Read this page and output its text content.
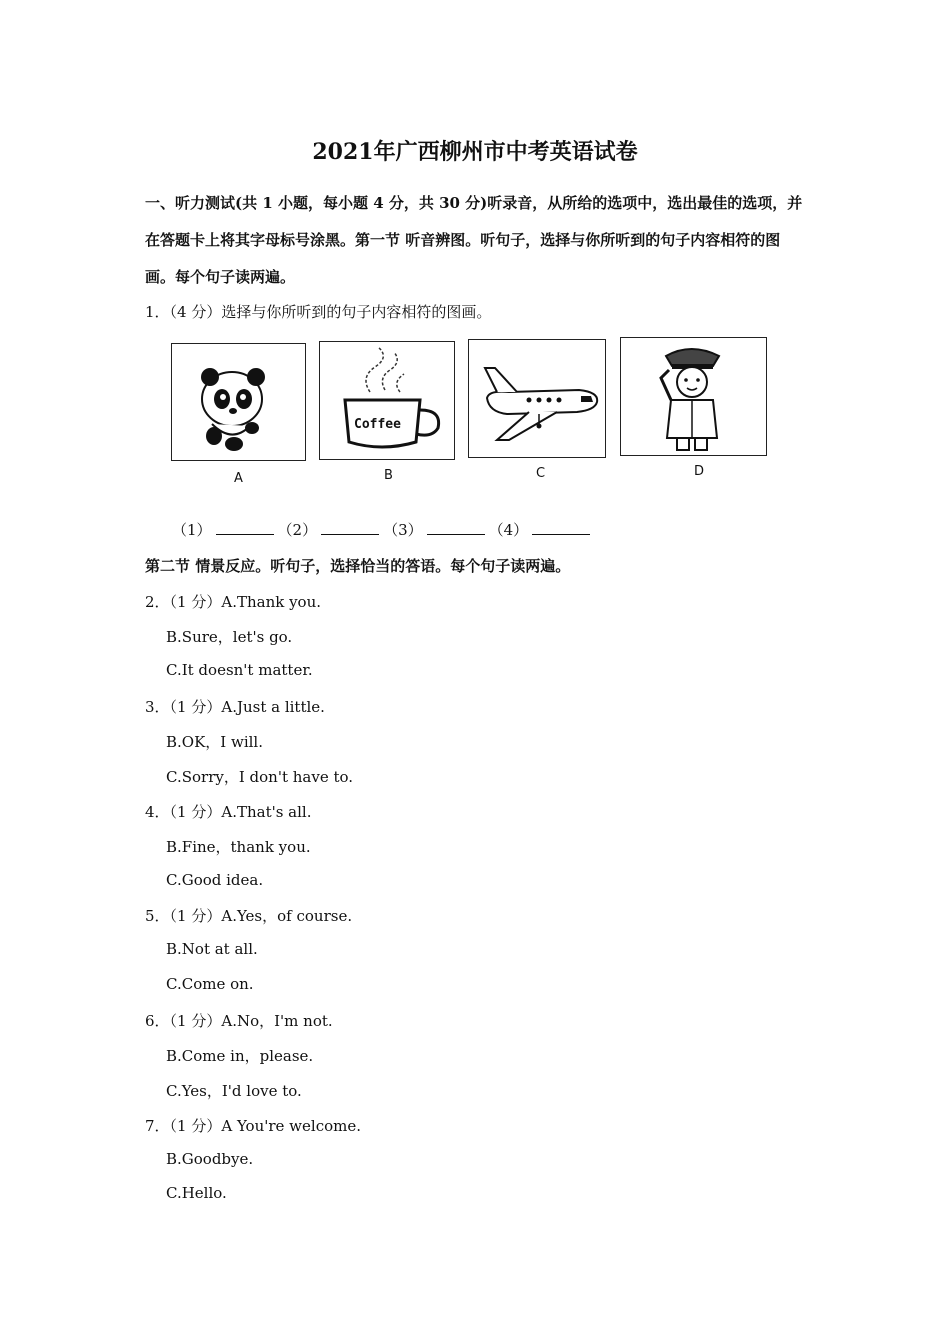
2021年广西柳州市中考英语试卷
一、听力测试(共 1 小题，每小题 4 分，共 30 分)听录音，从所给的选项中，选出最佳的选项，并在答题卡上将其字母标号涂黑。第一节 听音辨图。听句子，选择与你所听到的句子内容相符的图画。每个句子读两遍。
1．（4 分）选择与你所听到的句子内容相符的图画。
A
Coffee
B	C	D
（1）	（2）	（3）	（4）
第二节 情景反应。听句子，选择恰当的答语。每个句子读两遍。
2．（1 分）A.Thank you.
B.Sure，let's go.
C.It doesn't matter.
3．（1 分）A.Just a little.
B.OK，I will.
C.Sorry，I don't have to.
4．（1 分）A.That's all.
B.Fine，thank you.
C.Good idea.
5．（1 分）A.Yes，of course.
B.Not at all.
C.Come on.
6．（1 分）A.No，I'm not.
B.Come in，please.
C.Yes，I'd love to.
7．（1 分）A You're welcome.
B.Goodbye.
C.Hello.
